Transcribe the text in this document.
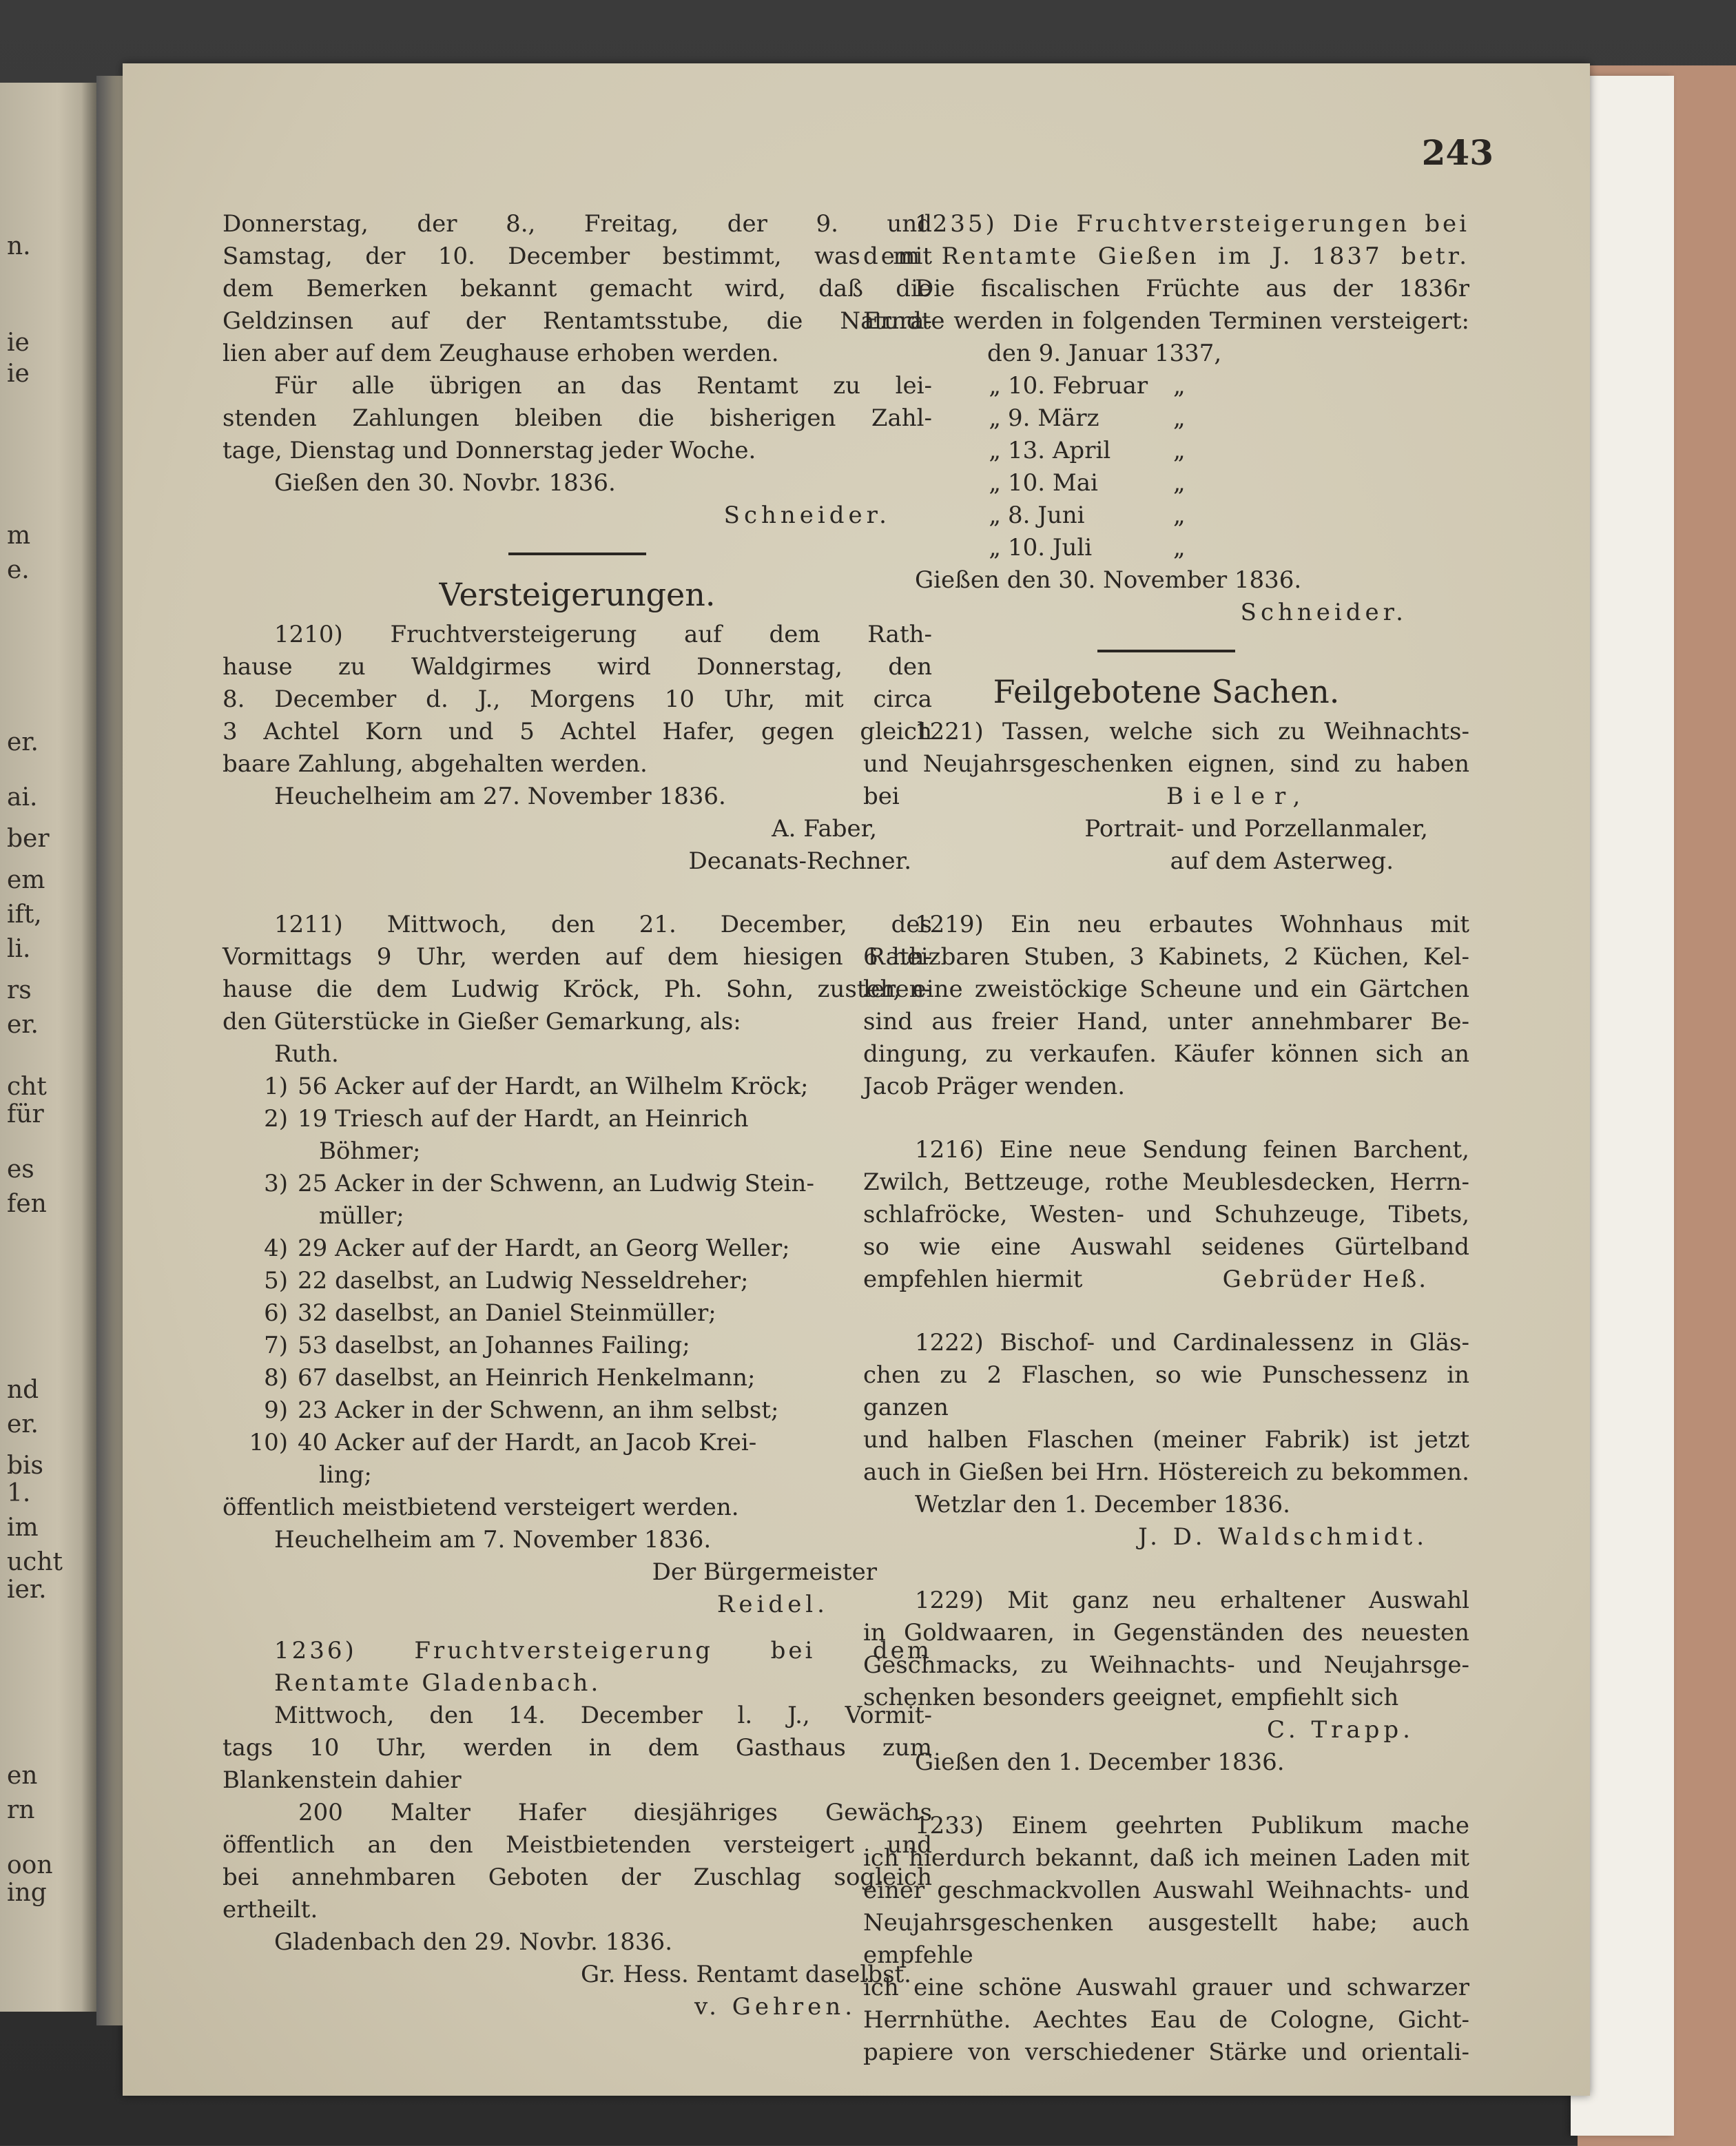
n.
ie
ie
m
e.
er.
ai.
ber
em
ift,
li.
rs
er.
cht
für
es
fen
nd
er.
bis
1.
im
ucht
ier.
en
rn
oon
ing
243

Donnerstag, der 8., Freitag, der 9. und

Samstag, der 10. December bestimmt, was mit

dem Bemerken bekannt gemacht wird, daß die

Geldzinsen auf der Rentamtsstube, die Natura-

lien aber auf dem Zeughause erhoben werden.

Für alle übrigen an das Rentamt zu lei-

stenden Zahlungen bleiben die bisherigen Zahl-

tage, Dienstag und Donnerstag jeder Woche.

Gießen den 30. Novbr. 1836.

Schneider.

Versteigerungen.

1210) Fruchtversteigerung auf dem Rath-

hause zu Waldgirmes wird Donnerstag, den

8. December d. J., Morgens 10 Uhr, mit circa

3 Achtel Korn und 5 Achtel Hafer, gegen gleich

baare Zahlung, abgehalten werden.

Heuchelheim am 27. November 1836.

A. Faber,

Decanats-Rechner.

1211) Mittwoch, den 21. December, des

Vormittags 9 Uhr, werden auf dem hiesigen Rath-

hause die dem Ludwig Kröck, Ph. Sohn, zustehen-

den Güterstücke in Gießer Gemarkung, als:

Ruth.

1) 56 Acker auf der Hardt, an Wilhelm Kröck;
2) 19 Triesch auf der Hardt, an Heinrich

Böhmer;

3) 25 Acker in der Schwenn, an Ludwig Stein-

müller;

4) 29 Acker auf der Hardt, an Georg Weller;
5) 22 daselbst, an Ludwig Nesseldreher;
6) 32 daselbst, an Daniel Steinmüller;
7) 53 daselbst, an Johannes Failing;
8) 67 daselbst, an Heinrich Henkelmann;
9) 23 Acker in der Schwenn, an ihm selbst;
10) 40 Acker auf der Hardt, an Jacob Krei-

ling;

öffentlich meistbietend versteigert werden.

Heuchelheim am 7. November 1836.

Der Bürgermeister

Reidel.

1236) Fruchtversteigerung bei dem

Rentamte Gladenbach.

Mittwoch, den 14. December l. J., Vormit-

tags 10 Uhr, werden in dem Gasthaus zum

Blankenstein dahier

200 Malter Hafer diesjähriges Gewächs

öffentlich an den Meistbietenden versteigert und

bei annehmbaren Geboten der Zuschlag sogleich

ertheilt.

Gladenbach den 29. Novbr. 1836.

Gr. Hess. Rentamt daselbst.

v. Gehren.

1235) Die Fruchtversteigerungen bei

dem Rentamte Gießen im J. 1837 betr.

Die fiscalischen Früchte aus der 1836r

Erndte werden in folgenden Terminen versteigert:

den 9. Januar 1337,

„ 10. Februar	„
„ 9. März	„
„ 13. April	„
„ 10. Mai	„
„ 8. Juni	„
„ 10. Juli	„

Gießen den 30. November 1836.

Schneider.

Feilgebotene Sachen.

1221) Tassen, welche sich zu Weihnachts-

und Neujahrsgeschenken eignen, sind zu haben

bei	Bieler,

Portrait- und Porzellanmaler,

auf dem Asterweg.

1219) Ein neu erbautes Wohnhaus mit

6 heizbaren Stuben, 3 Kabinets, 2 Küchen, Kel-

ler, eine zweistöckige Scheune und ein Gärtchen

sind aus freier Hand, unter annehmbarer Be-

dingung, zu verkaufen. Käufer können sich an

Jacob Präger wenden.

1216) Eine neue Sendung feinen Barchent,

Zwilch, Bettzeuge, rothe Meublesdecken, Herrn-

schlafröcke, Westen- und Schuhzeuge, Tibets,

so wie eine Auswahl seidenes Gürtelband

empfehlen hiermit	Gebrüder Heß.

1222) Bischof- und Cardinalessenz in Gläs-

chen zu 2 Flaschen, so wie Punschessenz in ganzen

und halben Flaschen (meiner Fabrik) ist jetzt

auch in Gießen bei Hrn. Höstereich zu bekommen.

Wetzlar den 1. December 1836.

J. D. Waldschmidt.

1229) Mit ganz neu erhaltener Auswahl

in Goldwaaren, in Gegenständen des neuesten

Geschmacks, zu Weihnachts- und Neujahrsge-

schenken besonders geeignet, empfiehlt sich

C. Trapp.

Gießen den 1. December 1836.

1233) Einem geehrten Publikum mache

ich hierdurch bekannt, daß ich meinen Laden mit

einer geschmackvollen Auswahl Weihnachts- und

Neujahrsgeschenken ausgestellt habe; auch empfehle

ich eine schöne Auswahl grauer und schwarzer

Herrnhüthe. Aechtes Eau de Cologne, Gicht-

papiere von verschiedener Stärke und orientali-
